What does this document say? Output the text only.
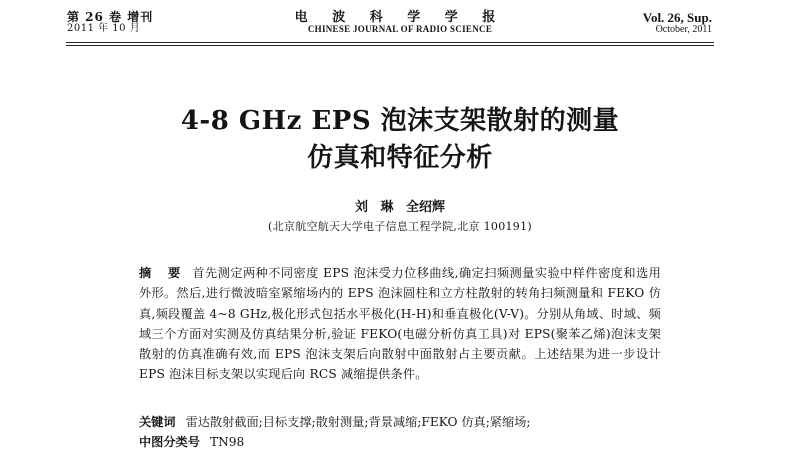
第 26 卷 增刊
2011 年 10 月
电 波 科 学 学 报
CHINESE JOURNAL OF RADIO SCIENCE
Vol. 26, Sup.
October, 2011
4-8 GHz EPS 泡沫支架散射的测量
仿真和特征分析
刘 琳 全绍辉
(北京航空航天大学电子信息工程学院,北京 100191)
摘 要 首先测定两种不同密度 EPS 泡沫受力位移曲线,确定扫频测量实验中样件密度和选用外形。然后,进行微波暗室紧缩场内的 EPS 泡沫圆柱和立方柱散射的转角扫频测量和 FEKO 仿真,频段覆盖 4~8 GHz,极化形式包括水平极化(H-H)和垂直极化(V-V)。分别从角域、时域、频域三个方面对实测及仿真结果分析,验证 FEKO(电磁分析仿真工具)对 EPS(聚苯乙烯)泡沫支架散射的仿真准确有效,而 EPS 泡沫支架后向散射中面散射占主要贡献。上述结果为进一步设计 EPS 泡沫目标支架以实现后向 RCS 减缩提供条件。
关键词 雷达散射截面;目标支撑;散射测量;背景减缩;FEKO 仿真;紧缩场;
中图分类号 TN98
